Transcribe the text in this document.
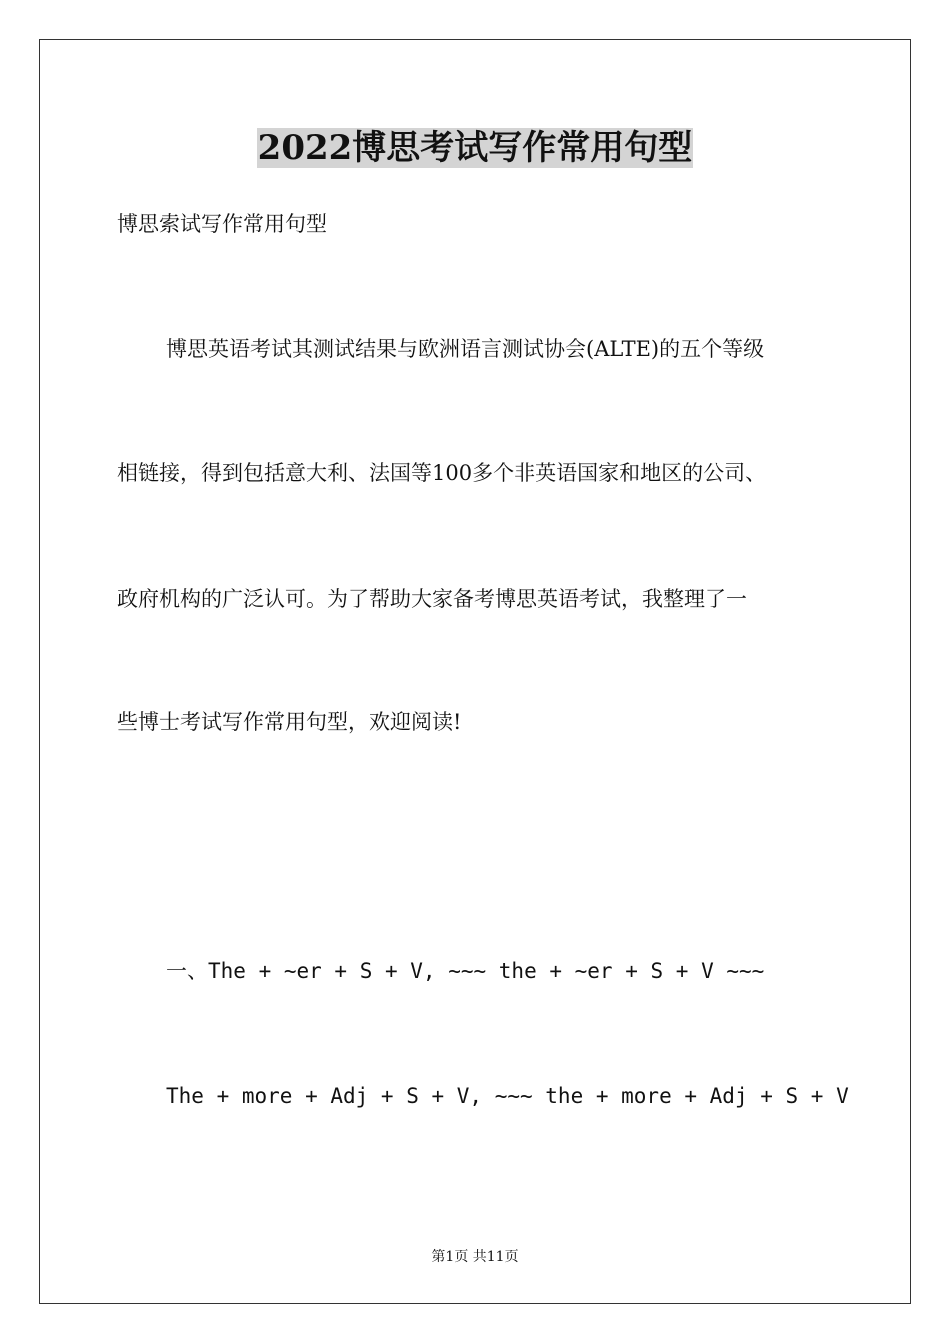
2022博思考试写作常用句型

博思索试写作常用句型

博思英语考试其测试结果与欧洲语言测试协会(ALTE)的五个等级

相链接，得到包括意大利、法国等100多个非英语国家和地区的公司、

政府机构的广泛认可。为了帮助大家备考博思英语考试，我整理了一

些博士考试写作常用句型，欢迎阅读!

一、The + ~er + S + V, ~~~ the + ~er + S + V ~~~

The + more + Adj + S + V, ~~~ the + more + Adj + S + V

第1页 共11页
